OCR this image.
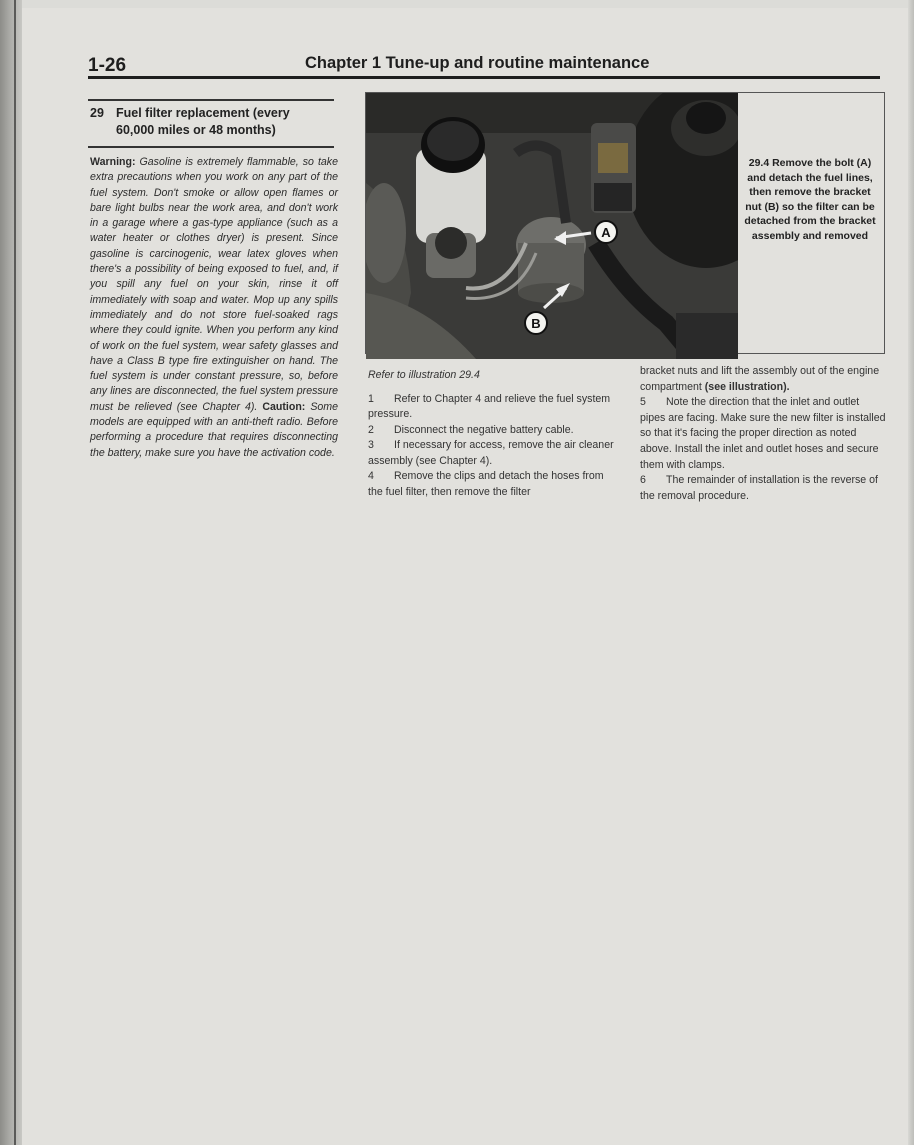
1-26	Chapter 1 Tune-up and routine maintenance
29 Fuel filter replacement (every
60,000 miles or 48 months)
Warning: Gasoline is extremely flammable, so take extra precautions when you work on any part of the fuel system. Don't smoke or allow open flames or bare light bulbs near the work area, and don't work in a garage where a gas-type appliance (such as a water heater or clothes dryer) is present. Since gasoline is carcinogenic, wear latex gloves when there's a possibility of being exposed to fuel, and, if you spill any fuel on your skin, rinse it off immediately with soap and water. Mop up any spills immediately and do not store fuel-soaked rags where they could ignite. When you perform any kind of work on the fuel system, wear safety glasses and have a Class B type fire extinguisher on hand. The fuel system is under constant pressure, so, before any lines are disconnected, the fuel system pressure must be relieved (see Chapter 4). Caution: Some models are equipped with an anti-theft radio. Before performing a procedure that requires disconnecting the battery, make sure you have the activation code.
A
B
29.4 Remove the bolt (A) and detach the fuel lines, then remove the bracket nut (B) so the filter can be detached from the bracket assembly and removed

Refer to illustration 29.4

1 Refer to Chapter 4 and relieve the fuel system pressure.

2 Disconnect the negative battery cable.

3 If necessary for access, remove the air cleaner assembly (see Chapter 4).

4 Remove the clips and detach the hoses from the fuel filter, then remove the filter

bracket nuts and lift the assembly out of the engine compartment (see illustration).

5 Note the direction that the inlet and outlet pipes are facing. Make sure the new filter is installed so that it's facing the proper direction as noted above. Install the inlet and outlet hoses and secure them with clamps.

6 The remainder of installation is the reverse of the removal procedure.
